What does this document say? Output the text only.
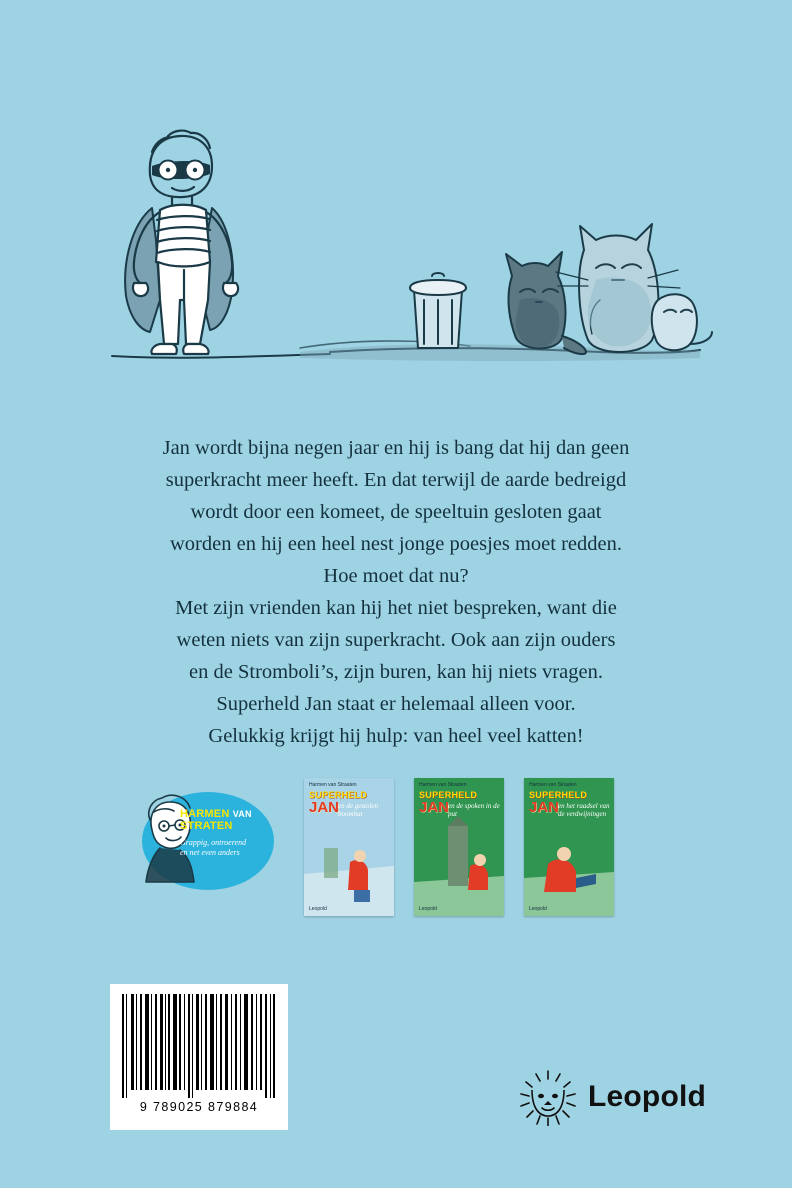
Jan wordt bijna negen jaar en hij is bang dat hij dan geen

superkracht meer heeft. En dat terwijl de aarde bedreigd

wordt door een komeet, de speeltuin gesloten gaat

worden en hij een heel nest jonge poesjes moet redden.

Hoe moet dat nu?

Met zijn vrienden kan hij het niet bespreken, want die

weten niets van zijn superkracht. Ook aan zijn ouders

en de Stromboli’s, zijn buren, kan hij niets vragen.

Superheld Jan staat er helemaal alleen voor.

Gelukkig krijgt hij hulp: van heel veel katten!

HARMEN VAN
STRATEN
Grappig, ontroerend
en net even anders
Harmen van Straaten
SUPERHELD
JAN
en de gestolen boomhut
Leopold
Harmen van Straaten
SUPERHELD
JAN
en de spoken in de put
Leopold
Harmen van Straaten
SUPERHELD
JAN
en het raadsel van de verdwijningen
Leopold
9 789025 879884	Leopold
